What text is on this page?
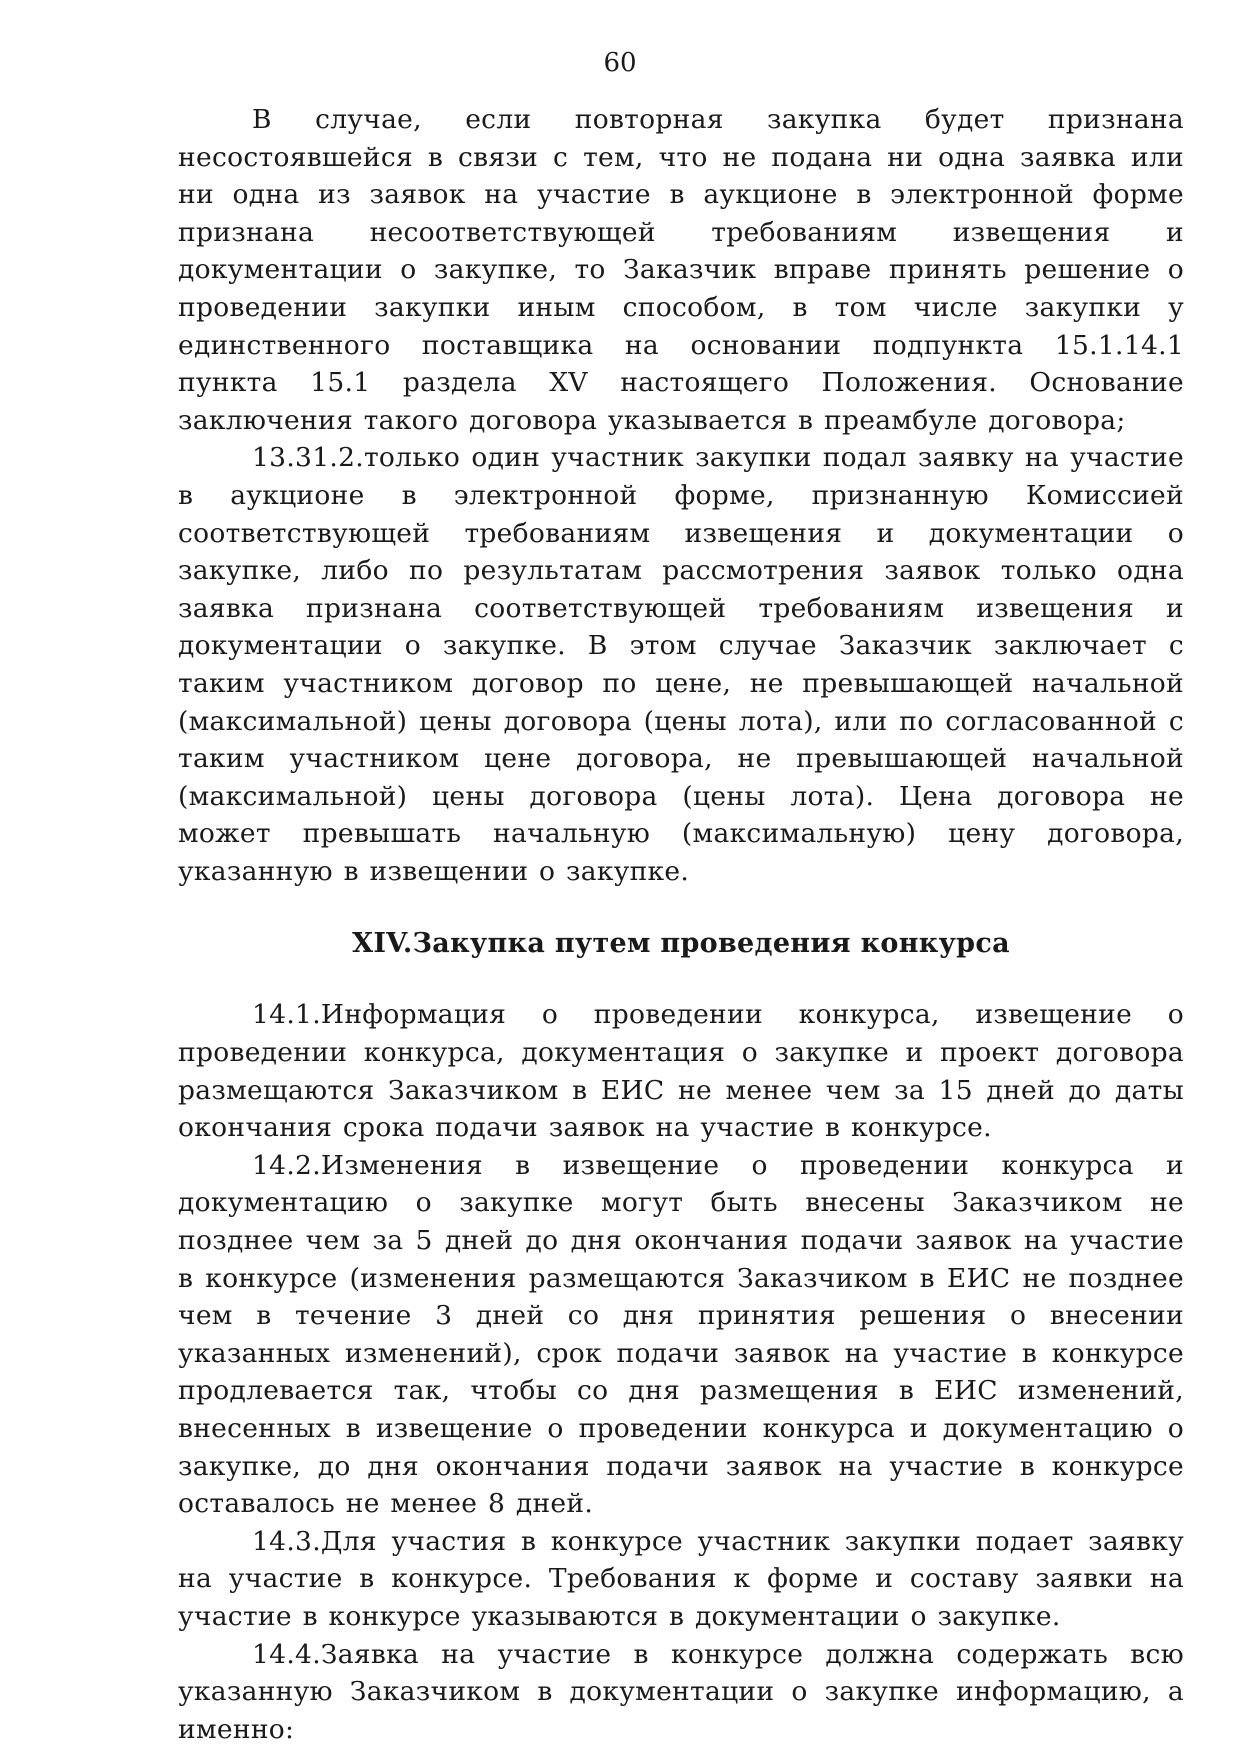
60

В случае, если повторная закупка будет признана несостоявшейся в связи с тем, что не подана ни одна заявка или ни одна из заявок на участие в аукционе в электронной форме признана несоответствующей требованиям извещения и документации о закупке, то Заказчик вправе принять решение о проведении закупки иным способом, в том числе закупки у единственного поставщика на основании подпункта 15.1.14.1 пункта 15.1 раздела XV настоящего Положения. Основание заключения такого договора указывается в преамбуле договора;

13.31.2.только один участник закупки подал заявку на участие в аукционе в электронной форме, признанную Комиссией соответствующей требованиям извещения и документации о закупке, либо по результатам рассмотрения заявок только одна заявка признана соответствующей требованиям извещения и документации о закупке. В этом случае Заказчик заключает с таким участником договор по цене, не превышающей начальной (максимальной) цены договора (цены лота), или по согласованной с таким участником цене договора, не превышающей начальной (максимальной) цены договора (цены лота). Цена договора не может превышать начальную (максимальную) цену договора, указанную в извещении о закупке.

XIV.Закупка путем проведения конкурса

14.1.Информация о проведении конкурса, извещение о проведении конкурса, документация о закупке и проект договора размещаются Заказчиком в ЕИС не менее чем за 15 дней до даты окончания срока подачи заявок на участие в конкурсе.

14.2.Изменения в извещение о проведении конкурса и документацию о закупке могут быть внесены Заказчиком не позднее чем за 5 дней до дня окончания подачи заявок на участие в конкурсе (изменения размещаются Заказчиком в ЕИС не позднее чем в течение 3 дней со дня принятия решения о внесении указанных изменений), срок подачи заявок на участие в конкурсе продлевается так, чтобы со дня размещения в ЕИС изменений, внесенных в извещение о проведении конкурса и документацию о закупке, до дня окончания подачи заявок на участие в конкурсе оставалось не менее 8 дней.

14.3.Для участия в конкурсе участник закупки подает заявку на участие в конкурсе. Требования к форме и составу заявки на участие в конкурсе указываются в документации о закупке.

14.4.Заявка на участие в конкурсе должна содержать всю указанную Заказчиком в документации о закупке информацию, а именно:
